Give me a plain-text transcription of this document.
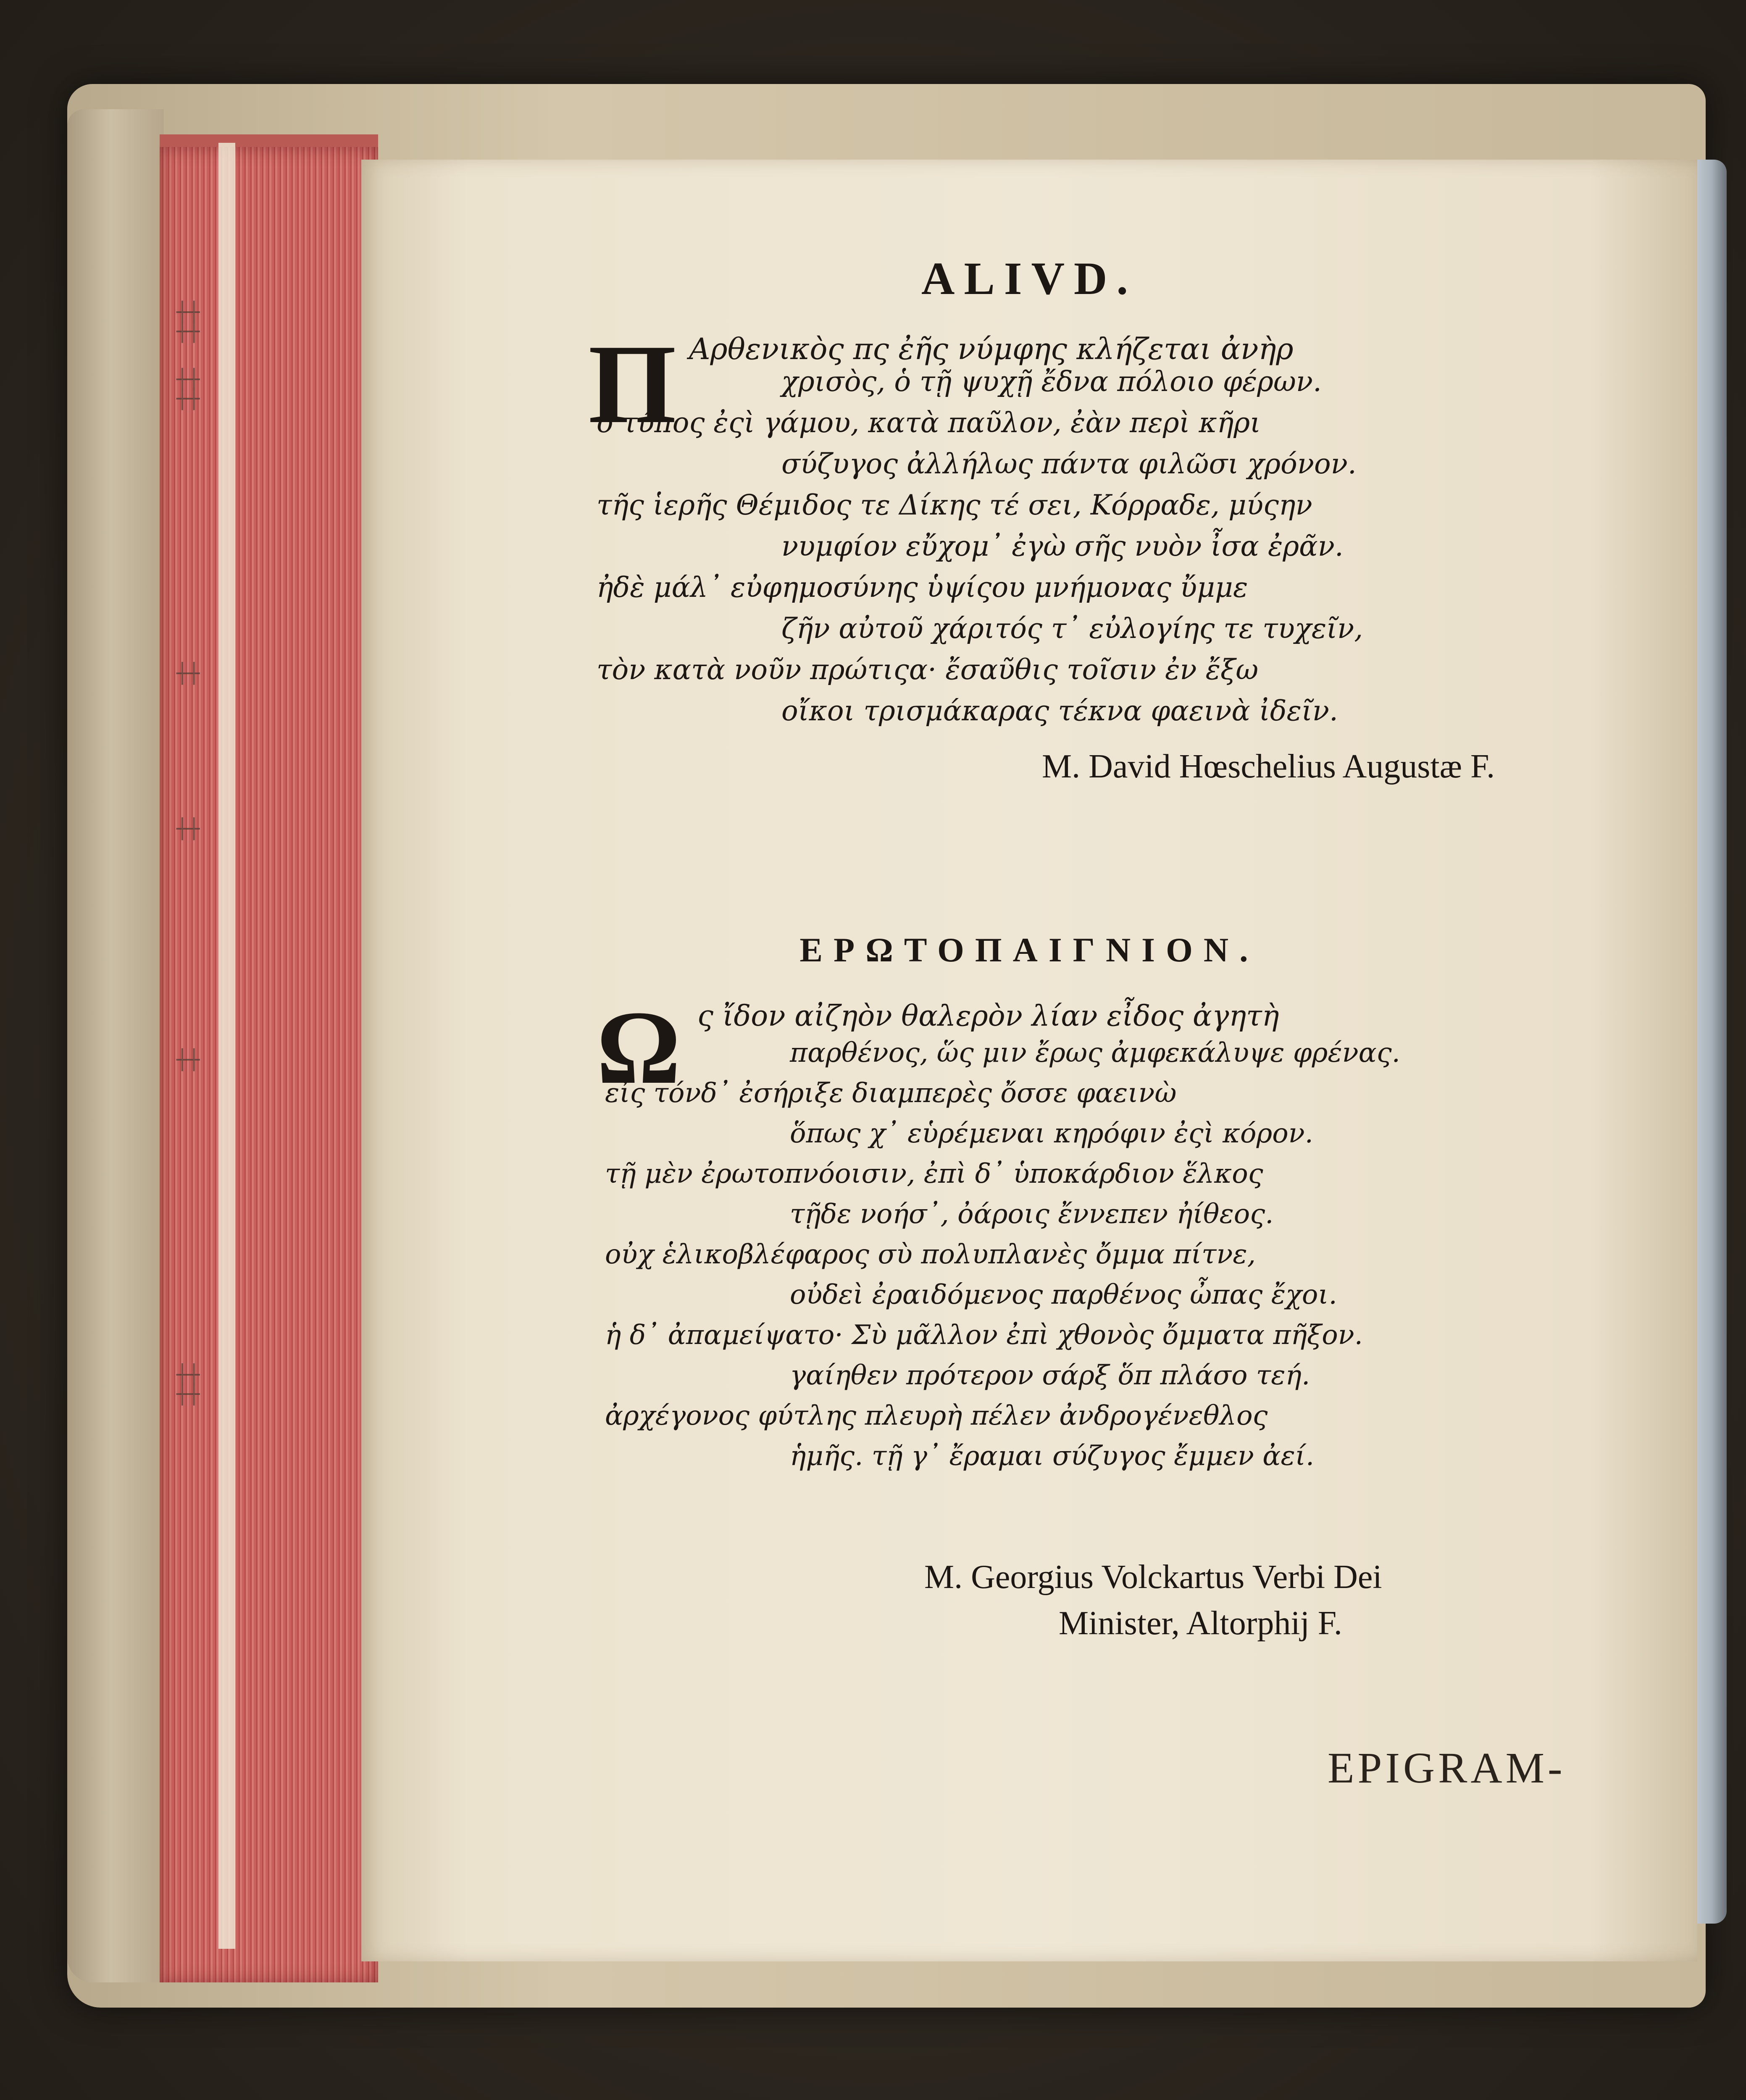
┼┼
┼┼
┼┼
┼┼
┼┼
┼┼
┼┼
┼┼
┼┼
ALIVD.
Π Αρθενικὸς πς ἐῆς νύμφης κλήζεται ἀνὴρ
χρισὸς, ὁ τῇ ψυχῇ ἔδνα πόλοιο φέρων.
ὃ τύπος ἐςὶ γάμου, κατὰ παῦλον, ἐὰν περὶ κῆρι
σύζυγος ἀλλήλως πάντα φιλῶσι χρόνον.
τῆς ἱερῆς Θέμιδος τε Δίκης τέ σει, Κόρραδε, μύςην
νυμφίον εὔχομ᾽ ἐγὼ σῆς νυὸν ἶσα ἐρᾶν.
ἠδὲ μάλ᾽ εὐφημοσύνης ὑψίςου μνήμονας ὔμμε
ζῆν αὐτοῦ χάριτός τ᾽ εὐλογίης τε τυχεῖν,
τὸν κατὰ νοῦν πρώτιςα· ἔσαῦθις τοῖσιν ἐν ἔξω
οἴκοι τρισμάκαρας τέκνα φαεινὰ ἰδεῖν.
M. David Hœschelius Augustæ F.
ΕΡΩΤΟΠΑΙΓΝΙΟΝ.
Ω ς ἴδον αἰζηὸν θαλερὸν λίαν εἶδος ἀγητὴ
παρθένος, ὥς μιν ἔρως ἀμφεκάλυψε φρένας.
εἰς τόνδ᾽ ἐσήριξε διαμπερὲς ὄσσε φαεινὼ
ὅπως χ᾽ εὑρέμεναι κηρόφιν ἐςὶ κόρον.
τῇ μὲν ἐρωτοπνόοισιν, ἐπὶ δ᾽ ὑποκάρδιον ἕλκος
τῇδε νοήσ᾽, ὀάροις ἔννεπεν ἠίθεος.
οὐχ ἑλικοβλέφαρος σὺ πολυπλανὲς ὄμμα πίτνε,
οὐδεὶ ἐραιδόμενος παρθένος ὦπας ἔχοι.
ἡ δ᾽ ἀπαμείψατο· Σὺ μᾶλλον ἐπὶ χθονὸς ὄμματα πῆξον.
γαίηθεν πρότερον σάρξ ὅπ πλάσο τεή.
ἀρχέγονος φύτλης πλευρὴ πέλεν ἀνδρογένεθλος
ἡμῆς. τῇ γ᾽ ἔραμαι σύζυγος ἔμμεν ἀεί.
M. Georgius Volckartus Verbi Dei
Minister, Altorphij F.
EPIGRAM-
